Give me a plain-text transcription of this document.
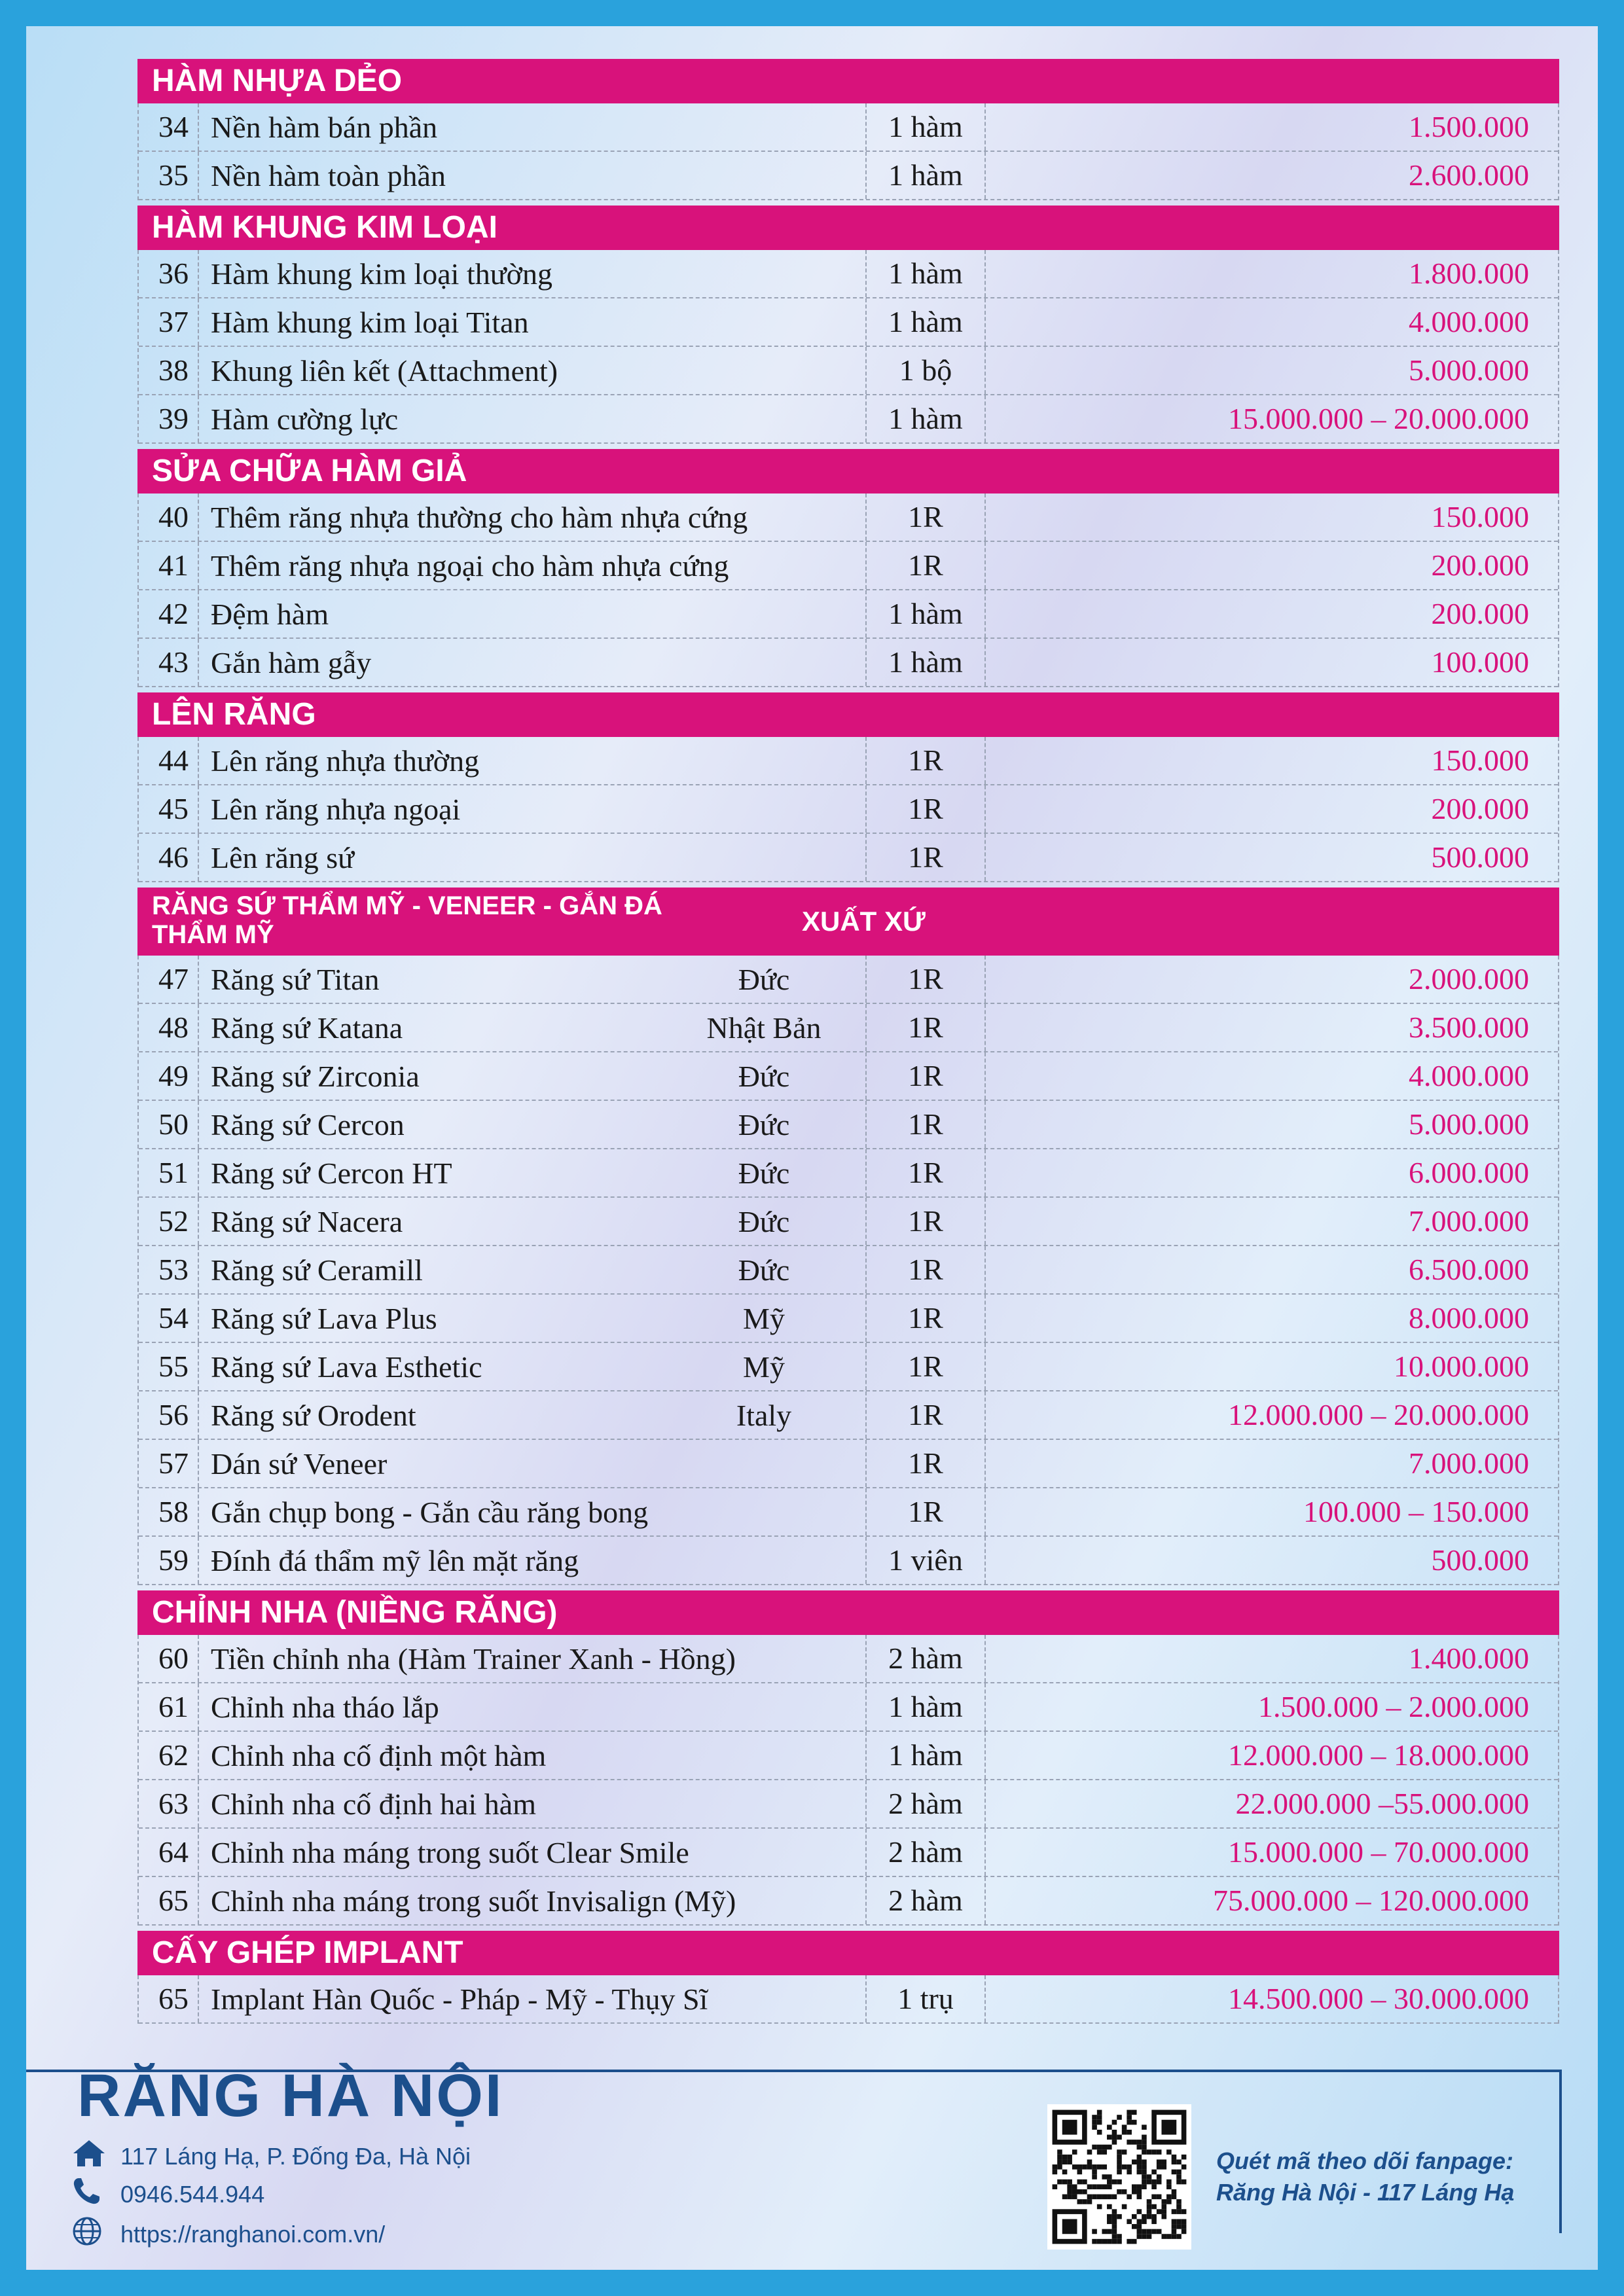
HÀM NHỰA DẺO
34 Nền hàm bán phần	1 hàm	1.500.000
35 Nền hàm toàn phần	1 hàm	2.600.000
HÀM KHUNG KIM LOẠI
36 Hàm khung kim loại thường	1 hàm	1.800.000
37 Hàm khung kim loại Titan	1 hàm	4.000.000
38 Khung liên kết (Attachment)	1 bộ	5.000.000
39 Hàm cường lực	1 hàm	15.000.000 – 20.000.000
SỬA CHỮA HÀM GIẢ
40 Thêm răng nhựa thường cho hàm nhựa cứng	1R	150.000
41 Thêm răng nhựa ngoại cho hàm nhựa cứng	1R	200.000
42 Đệm hàm	1 hàm	200.000
43 Gắn hàm gẫy	1 hàm	100.000
LÊN RĂNG
44 Lên răng nhựa thường	1R	150.000
45 Lên răng nhựa ngoại	1R	200.000
46 Lên răng sứ	1R	500.000
RĂNG SỨ THẨM MỸ - VENEER - GẮN ĐÁ
THẨM MỸ	XUẤT XỨ
47 Răng sứ Titan	Đức	1R	2.000.000
48 Răng sứ Katana	Nhật Bản	1R	3.500.000
49 Răng sứ Zirconia	Đức	1R	4.000.000
50 Răng sứ Cercon	Đức	1R	5.000.000
51 Răng sứ Cercon HT	Đức	1R	6.000.000
52 Răng sứ Nacera	Đức	1R	7.000.000
53 Răng sứ Ceramill	Đức	1R	6.500.000
54 Răng sứ Lava Plus	Mỹ	1R	8.000.000
55 Răng sứ Lava Esthetic	Mỹ	1R	10.000.000
56 Răng sứ Orodent	Italy	1R	12.000.000 – 20.000.000
57 Dán sứ Veneer	1R	7.000.000
58 Gắn chụp bong - Gắn cầu răng bong	1R	100.000 – 150.000
59 Đính đá thẩm mỹ lên mặt răng	1 viên	500.000
CHỈNH NHA (NIỀNG RĂNG)
60 Tiền chỉnh nha (Hàm Trainer Xanh - Hồng)	2 hàm	1.400.000
61 Chỉnh nha tháo lắp	1 hàm	1.500.000 – 2.000.000
62 Chỉnh nha cố định một hàm	1 hàm	12.000.000 – 18.000.000
63 Chỉnh nha cố định hai hàm	2 hàm	22.000.000 –55.000.000
64 Chỉnh nha máng trong suốt Clear Smile	2 hàm	15.000.000 – 70.000.000
65 Chỉnh nha máng trong suốt Invisalign (Mỹ)	2 hàm	75.000.000 – 120.000.000
CẤY GHÉP IMPLANT
65 Implant Hàn Quốc - Pháp - Mỹ - Thụy Sĩ	1 trụ	14.500.000 – 30.000.000
RĂNG HÀ NỘI
117 Láng Hạ, P. Đống Đa, Hà Nội
0946.544.944
https://ranghanoi.com.vn/
Quét mã theo dõi fanpage:
Răng Hà Nội - 117 Láng Hạ
